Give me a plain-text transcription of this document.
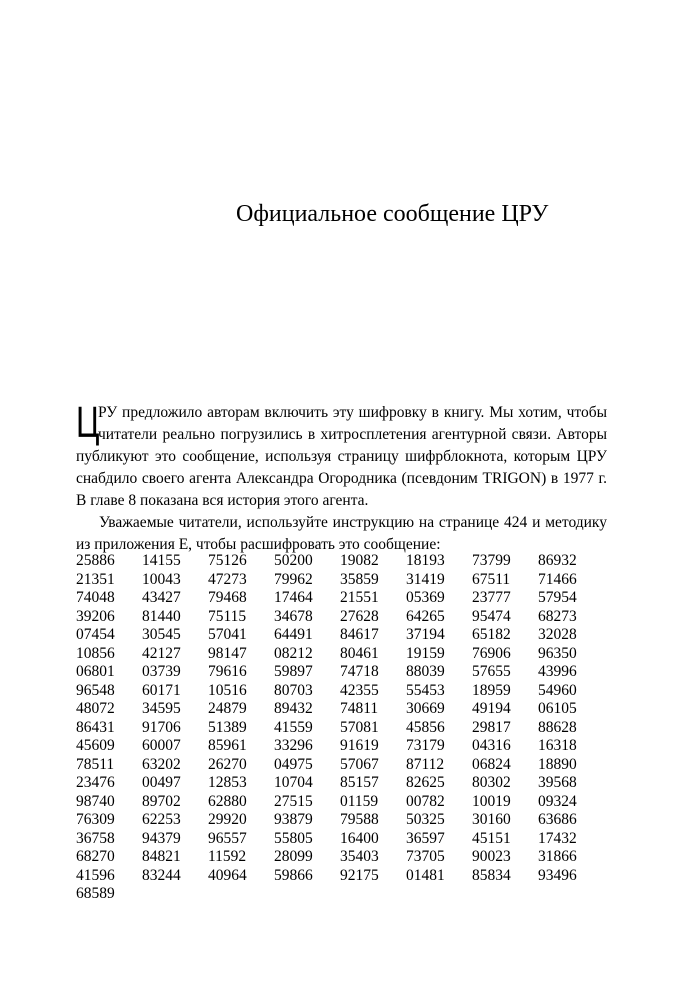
Официальное сообщение ЦРУ

Ц
РУ предложило авторам включить эту шифровку в книгу. Мы хотим, чтобы читатели реально погрузились в хитросплетения агентурной связи. Авторы публикуют это сообщение, используя страницу шифрблокнота, которым ЦРУ снабдило своего агента Александра Огородника (псевдоним TRIGON) в 1977 г. В главе 8 показана вся история этого агента.

Уважаемые читатели, используйте инструкцию на странице 424 и методику из приложения Е, чтобы расшифровать это сообщение:

25886	14155	75126	50200	19082	18193	73799	86932
21351	10043	47273	79962	35859	31419	67511	71466
74048	43427	79468	17464	21551	05369	23777	57954
39206	81440	75115	34678	27628	64265	95474	68273
07454	30545	57041	64491	84617	37194	65182	32028
10856	42127	98147	08212	80461	19159	76906	96350
06801	03739	79616	59897	74718	88039	57655	43996
96548	60171	10516	80703	42355	55453	18959	54960
48072	34595	24879	89432	74811	30669	49194	06105
86431	91706	51389	41559	57081	45856	29817	88628
45609	60007	85961	33296	91619	73179	04316	16318
78511	63202	26270	04975	57067	87112	06824	18890
23476	00497	12853	10704	85157	82625	80302	39568
98740	89702	62880	27515	01159	00782	10019	09324
76309	62253	29920	93879	79588	50325	30160	63686
36758	94379	96557	55805	16400	36597	45151	17432
68270	84821	11592	28099	35403	73705	90023	31866
41596	83244	40964	59866	92175	01481	85834	93496
68589
